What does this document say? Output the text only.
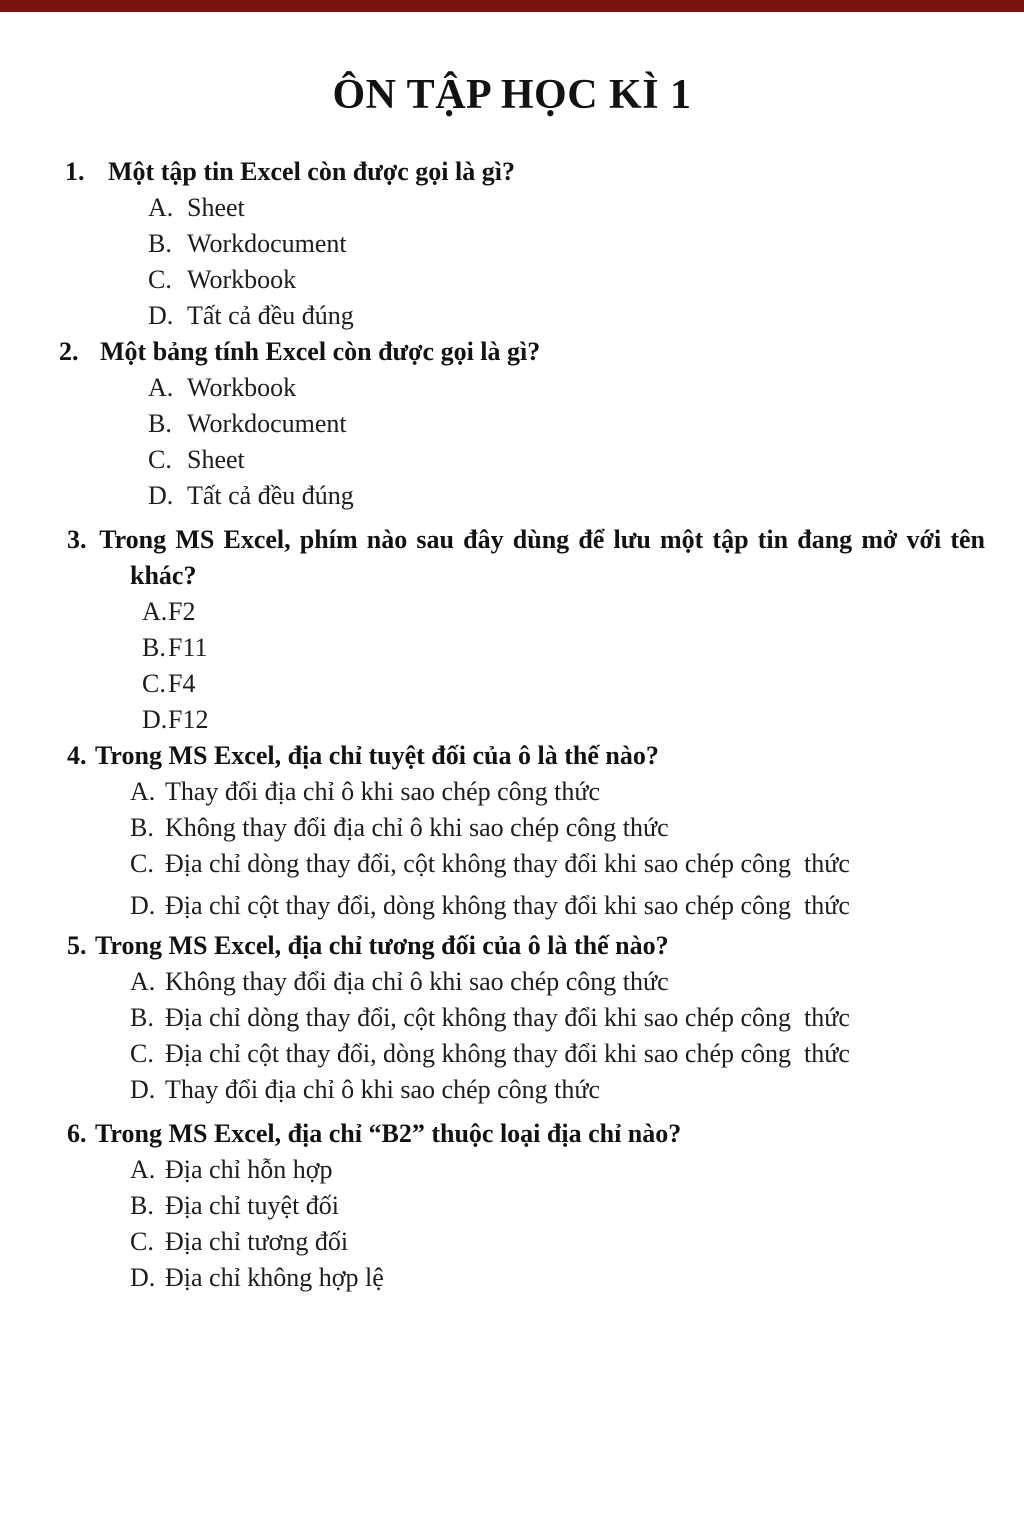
ÔN TẬP HỌC KÌ 1
1. Một tập tin Excel còn được gọi là gì?
A. Sheet
B. Workdocument
C. Workbook
D. Tất cả đều đúng
2. Một bảng tính Excel còn được gọi là gì?
A. Workbook
B. Workdocument
C. Sheet
D. Tất cả đều đúng
3. Trong MS Excel, phím nào sau đây dùng để lưu một tập tin đang mở với tên
khác?
A.F2
B.F11
C.F4
D.F12
4. Trong MS Excel, địa chỉ tuyệt đối của ô là thế nào?
A. Thay đổi địa chỉ ô khi sao chép công thức
B. Không thay đổi địa chỉ ô khi sao chép công thức
C. Địa chỉ dòng thay đổi, cột không thay đổi khi sao chép công  thức
D. Địa chỉ cột thay đổi, dòng không thay đổi khi sao chép công  thức
5. Trong MS Excel, địa chỉ tương đối của ô là thế nào?
A. Không thay đổi địa chỉ ô khi sao chép công thức
B. Địa chỉ dòng thay đổi, cột không thay đổi khi sao chép công  thức
C. Địa chỉ cột thay đổi, dòng không thay đổi khi sao chép công  thức
D. Thay đổi địa chỉ ô khi sao chép công thức
6. Trong MS Excel, địa chỉ “B2” thuộc loại địa chỉ nào?
A. Địa chỉ hỗn hợp
B. Địa chỉ tuyệt đối
C. Địa chỉ tương đối
D. Địa chỉ không hợp lệ
